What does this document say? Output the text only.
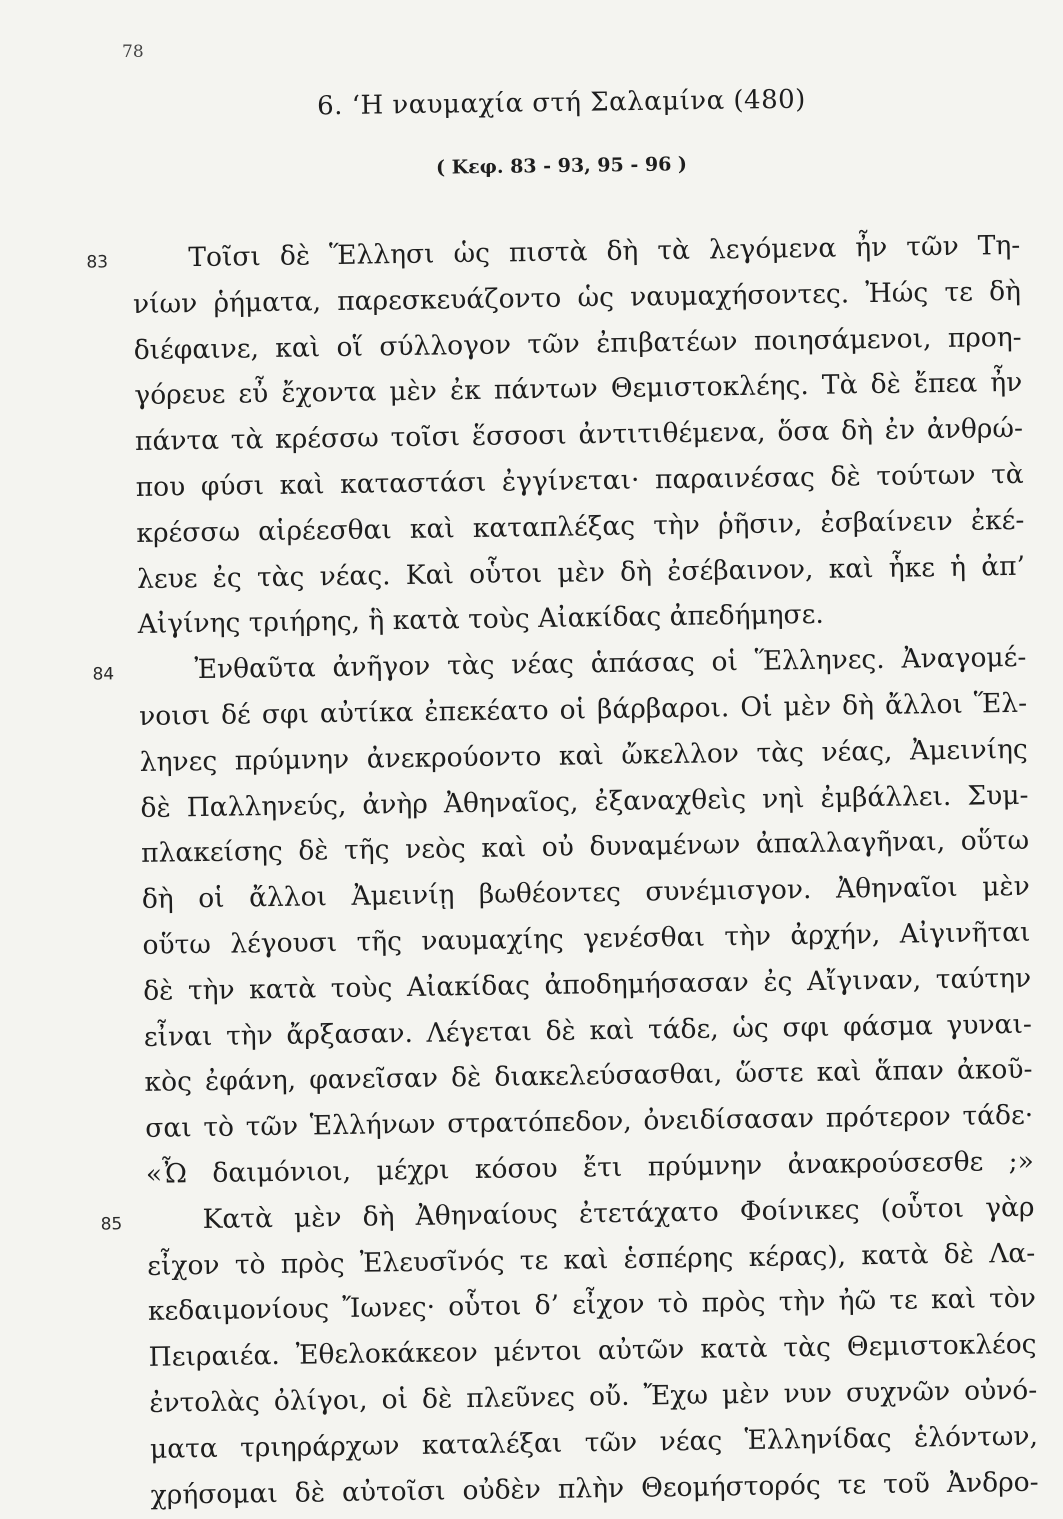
78
6. ‘Η ναυμαχία στή Σαλαμίνα (480)
( Κεφ. 83 - 93, 95 - 96 )
83	Τοῖσι δὲ Ἕλλησι ὡς πιστὰ δὴ τὰ λεγόμενα ἦν τῶν Τη-
νίων ῥήματα, παρεσκευάζοντο ὡς ναυμαχήσοντες. Ἠώς τε δὴ
διέφαινε, καὶ οἵ σύλλογον τῶν ἐπιβατέων ποιησάμενοι, προη-
γόρευε εὖ ἔχοντα μὲν ἐκ πάντων Θεμιστοκλέης. Τὰ δὲ ἔπεα ἦν
πάντα τὰ κρέσσω τοῖσι ἕσσοσι ἀντιτιθέμενα, ὅσα δὴ ἐν ἀνθρώ-
που φύσι καὶ καταστάσι ἐγγίνεται· παραινέσας δὲ τούτων τὰ
κρέσσω αἱρέεσθαι καὶ καταπλέξας τὴν ῥῆσιν, ἐσβαίνειν ἐκέ-
λευε ἐς τὰς νέας. Καὶ οὗτοι μὲν δὴ ἐσέβαινον, καὶ ἧκε ἡ ἀπ’
Αἰγίνης τριήρης, ἣ κατὰ τοὺς Αἰακίδας ἀπεδήμησε.
84	Ἐνθαῦτα ἀνῆγον τὰς νέας ἁπάσας οἱ Ἕλληνες. Ἀναγομέ-
νοισι δέ σφι αὐτίκα ἐπεκέατο οἱ βάρβαροι. Οἱ μὲν δὴ ἄλλοι Ἕλ-
ληνες πρύμνην ἀνεκρούοντο καὶ ὤκελλον τὰς νέας, Ἀμεινίης
δὲ Παλληνεύς, ἀνὴρ Ἀθηναῖος, ἐξαναχθεὶς νηὶ ἐμβάλλει. Συμ-
πλακείσης δὲ τῆς νεὸς καὶ οὐ δυναμένων ἀπαλλαγῆναι, οὕτω
δὴ οἱ ἄλλοι Ἀμεινίῃ βωθέοντες συνέμισγον. Ἀθηναῖοι μὲν
οὕτω λέγουσι τῆς ναυμαχίης γενέσθαι τὴν ἀρχήν, Αἰγινῆται
δὲ τὴν κατὰ τοὺς Αἰακίδας ἀποδημήσασαν ἐς Αἴγιναν, ταύτην
εἶναι τὴν ἄρξασαν. Λέγεται δὲ καὶ τάδε, ὡς σφι φάσμα γυναι-
κὸς ἐφάνη, φανεῖσαν δὲ διακελεύσασθαι, ὥστε καὶ ἅπαν ἀκοῦ-
σαι τὸ τῶν Ἑλλήνων στρατόπεδον, ὀνειδίσασαν πρότερον τάδε·
«Ὦ δαιμόνιοι, μέχρι κόσου ἔτι πρύμνην ἀνακρούσεσθε ;»
85	Κατὰ μὲν δὴ Ἀθηναίους ἐτετάχατο Φοίνικες (οὗτοι γὰρ
εἶχον τὸ πρὸς Ἐλευσῖνός τε καὶ ἑσπέρης κέρας), κατὰ δὲ Λα-
κεδαιμονίους Ἴωνες· οὗτοι δ’ εἶχον τὸ πρὸς τὴν ἠῶ τε καὶ τὸν
Πειραιέα. Ἐθελοκάκεον μέντοι αὐτῶν κατὰ τὰς Θεμιστοκλέος
ἐντολὰς ὀλίγοι, οἱ δὲ πλεῦνες οὔ. Ἔχω μὲν νυν συχνῶν οὐνό-
ματα τριηράρχων καταλέξαι τῶν νέας Ἑλληνίδας ἑλόντων,
χρήσομαι δὲ αὐτοῖσι οὐδὲν πλὴν Θεομήστορός τε τοῦ Ἀνδρο-
